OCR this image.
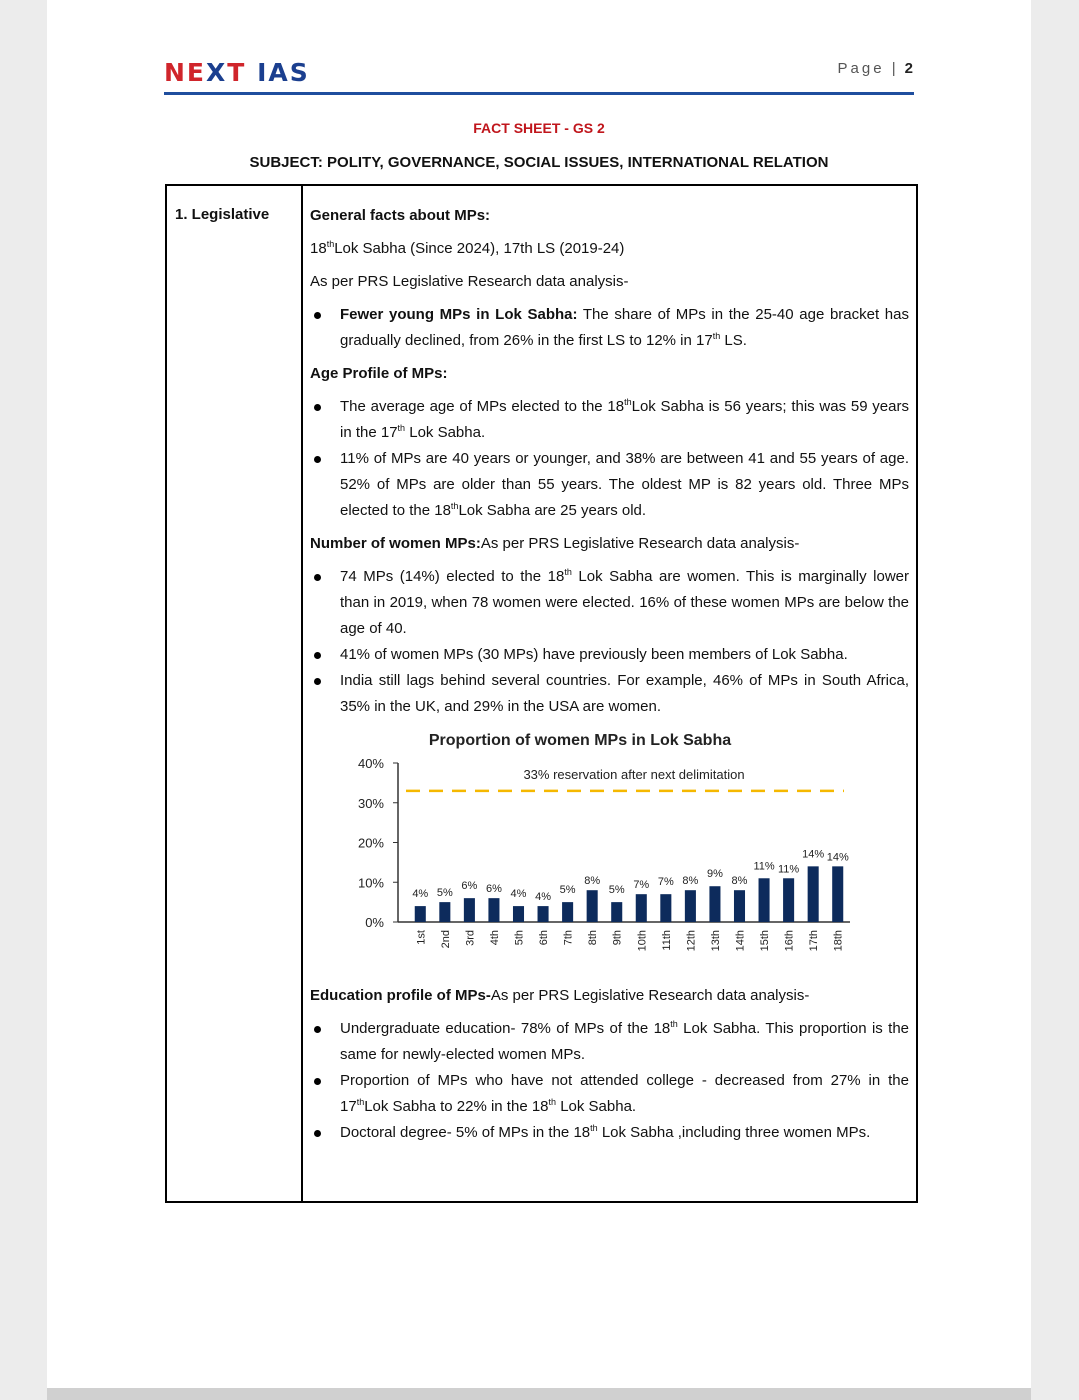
NEXT IAS	Page | 2
FACT SHEET - GS 2
SUBJECT: POLITY, GOVERNANCE, SOCIAL ISSUES, INTERNATIONAL RELATION
1. Legislative	General facts about MPs:

18thLok Sabha (Since 2024), 17th LS (2019-24)

As per PRS Legislative Research data analysis-

Fewer young MPs in Lok Sabha: The share of MPs in the 25-40 age bracket has gradually declined, from 26% in the first LS to 12% in 17th LS.

Age Profile of MPs:

The average age of MPs elected to the 18thLok Sabha is 56 years; this was 59 years in the 17th Lok Sabha.
11% of MPs are 40 years or younger, and 38% are between 41 and 55 years of age. 52% of MPs are older than 55 years. The oldest MP is 82 years old. Three MPs elected to the 18thLok Sabha are 25 years old.

Number of women MPs:As per PRS Legislative Research data analysis-

74 MPs (14%) elected to the 18th Lok Sabha are women. This is marginally lower than in 2019, when 78 women were elected. 16% of these women MPs are below the age of 40.
41% of women MPs (30 MPs) have previously been members of Lok Sabha.
India still lags behind several countries. For example, 46% of MPs in South Africa, 35% in the UK, and 29% in the USA are women.
Proportion of women MPs in Lok Sabha
0%
10%
20%
30%
40%
33% reservation after next delimitation
4%
1st
5%
2nd
6%
3rd
6%
4th
4%
5th
4%
6th
5%
7th
8%
8th
5%
9th
7%
10th
7%
11th
8%
12th
9%
13th
8%
14th
11%
15th
11%
16th
14%
17th
14%
18th

Education profile of MPs-As per PRS Legislative Research data analysis-

Undergraduate education- 78% of MPs of the 18th Lok Sabha. This proportion is the same for newly-elected women MPs.
Proportion of MPs who have not attended college - decreased from 27% in the 17thLok Sabha to 22% in the 18th Lok Sabha.
Doctoral degree- 5% of MPs in the 18th Lok Sabha ,including three women MPs.
